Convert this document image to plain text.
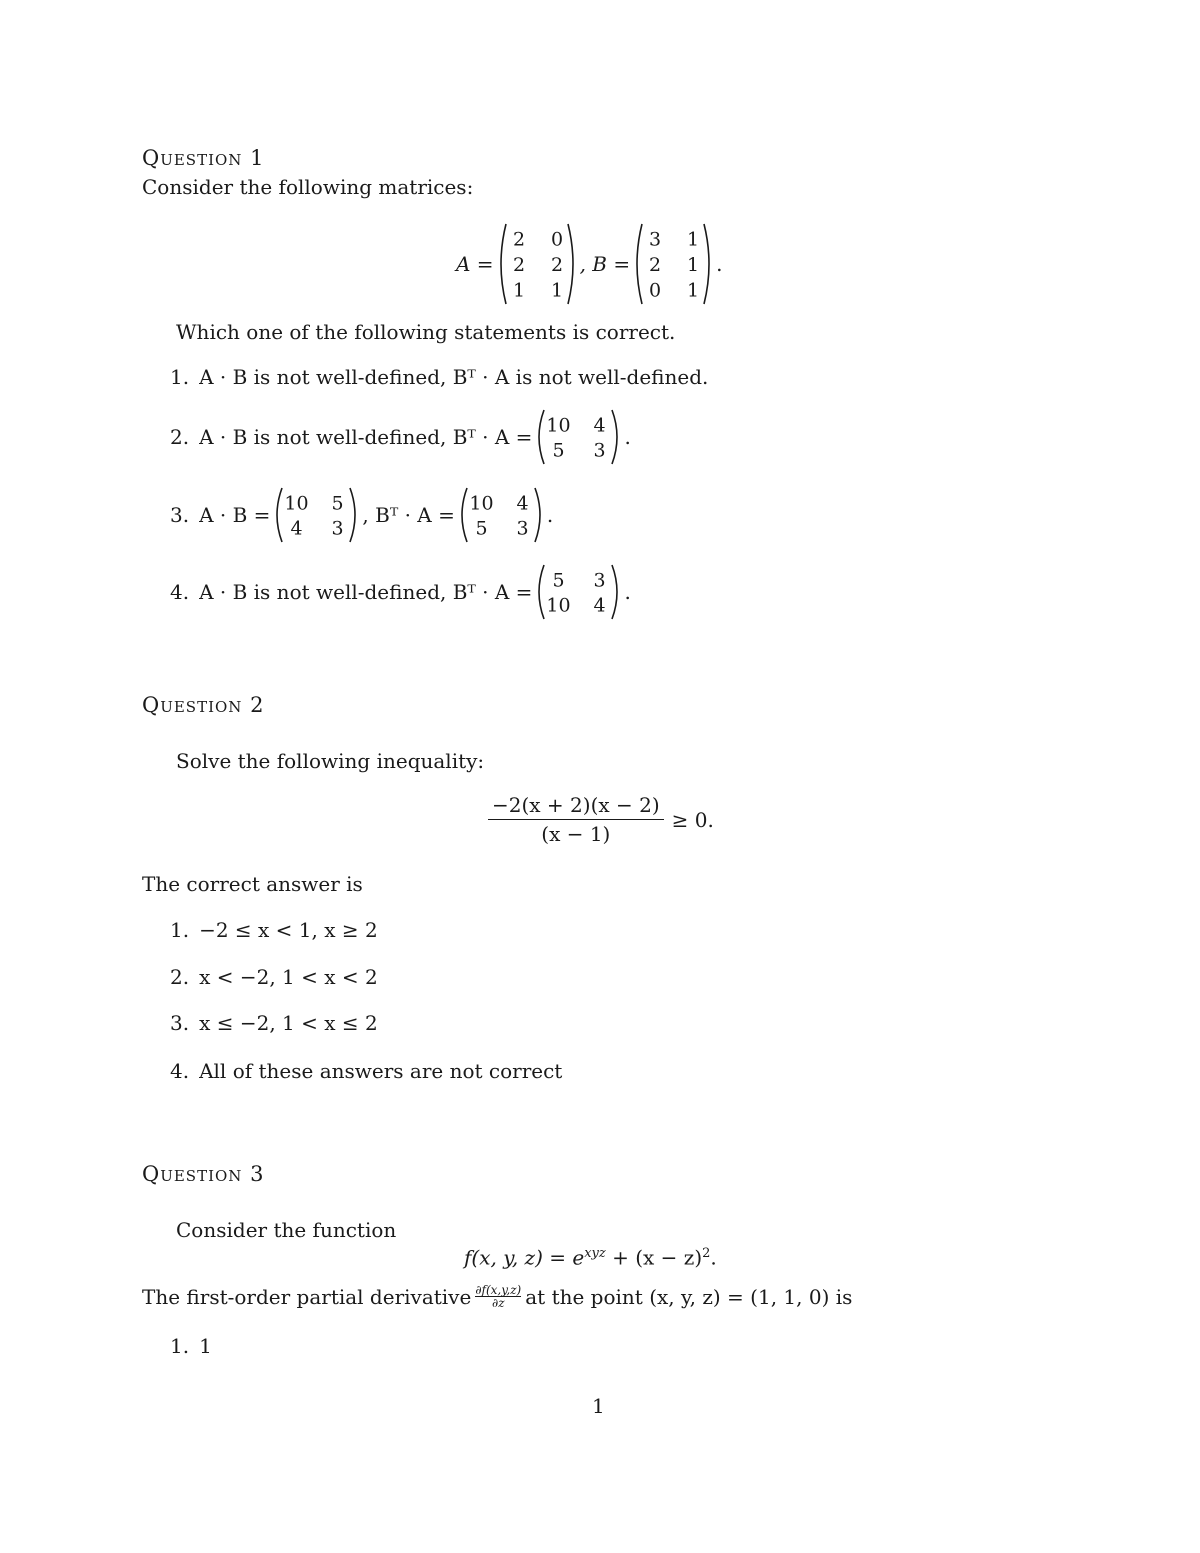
Question 1
Consider the following matrices:
A =
2 0
2 2
1 1
, B =
3 1
2 1
0 1
.
Which one of the following statements is correct.
1. A · B is not well-defined, Bᵀ · A is not well-defined.
2. A · B is not well-defined, Bᵀ · A = 10 4
5 3
.
3. A · B = 10 5
4 3
, Bᵀ · A = 10 4
5 3
.
4. A · B is not well-defined, Bᵀ · A = 5 3
10 4
.
Question 2
Solve the following inequality:
$\frac{-2(x + 2)(x - 2)}{(x - 1)} \ge 0$.
The correct answer is
1. −2 ≤ x < 1, x ≥ 2
2. x < −2, 1 < x < 2
3. x ≤ −2, 1 < x ≤ 2
4. All of these answers are not correct
Question 3
Consider the function
f(x, y, $z) = e^{xyz} + (x - z)^2$.
The first-order partial derivative ∂f(x,y,z)
∂z at the point (x, y, z) = (1, 1, 0) is
1. 1
1
